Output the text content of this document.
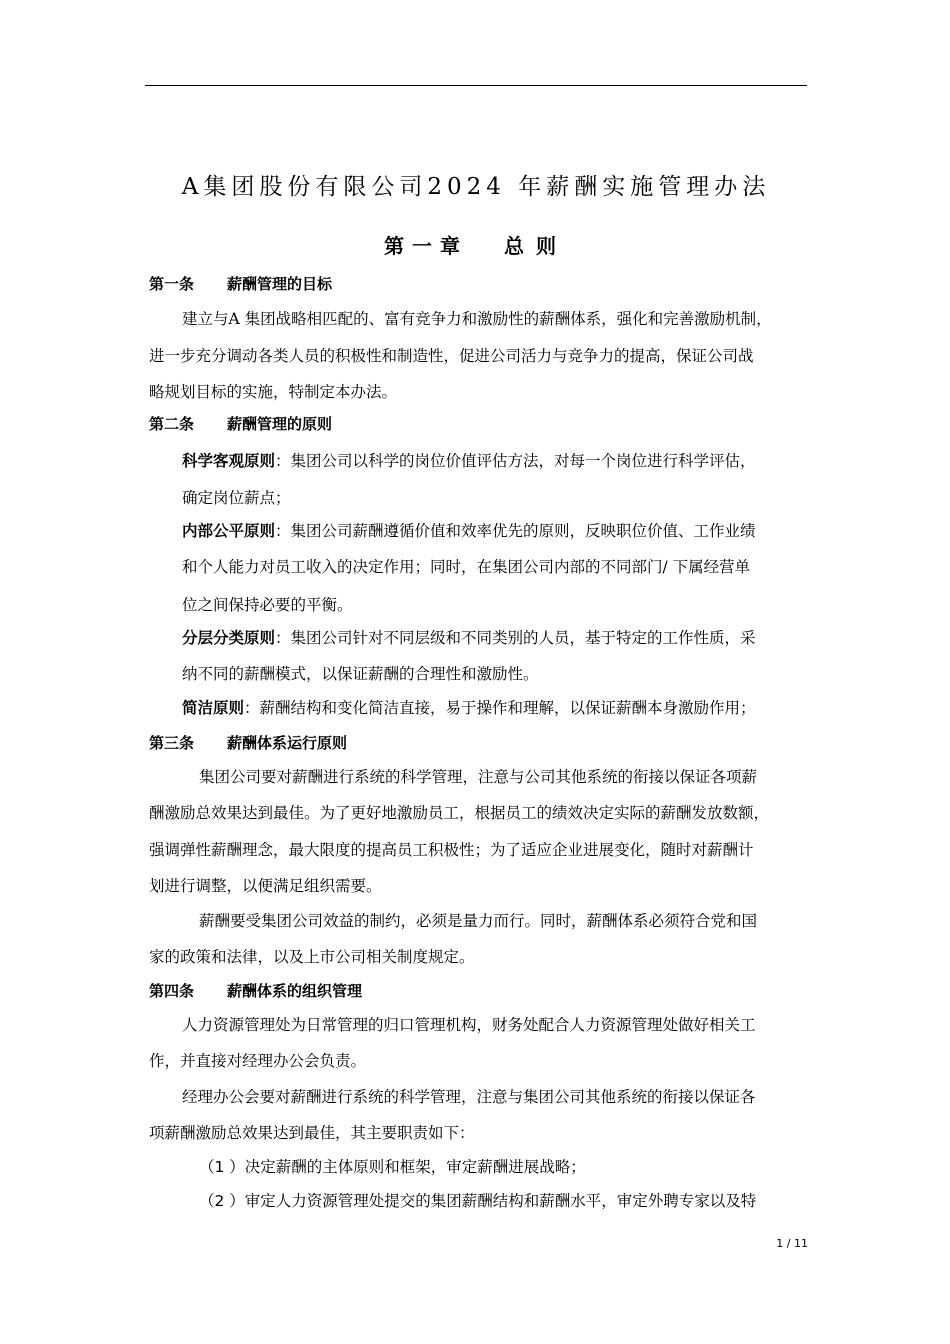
A集团股份有限公司2024 年薪酬实施管理办法
第一章 总则
第一条 薪酬管理的目标
建立与A 集团战略相匹配的、富有竞争力和激励性的薪酬体系，强化和完善激励机制，
进一步充分调动各类人员的积极性和制造性，促进公司活力与竞争力的提高，保证公司战
略规划目标的实施，特制定本办法。
第二条 薪酬管理的原则
科学客观原则：集团公司以科学的岗位价值评估方法，对每一个岗位进行科学评估，
确定岗位薪点；
内部公平原则：集团公司薪酬遵循价值和效率优先的原则，反映职位价值、工作业绩
和个人能力对员工收入的决定作用；同时，在集团公司内部的不同部门/ 下属经营单
位之间保持必要的平衡。
分层分类原则：集团公司针对不同层级和不同类别的人员，基于特定的工作性质，采
纳不同的薪酬模式，以保证薪酬的合理性和激励性。
简洁原则：薪酬结构和变化简洁直接，易于操作和理解，以保证薪酬本身激励作用；
第三条 薪酬体系运行原则
集团公司要对薪酬进行系统的科学管理，注意与公司其他系统的衔接以保证各项薪
酬激励总效果达到最佳。为了更好地激励员工，根据员工的绩效决定实际的薪酬发放数额，
强调弹性薪酬理念，最大限度的提高员工积极性；为了适应企业进展变化，随时对薪酬计
划进行调整，以便满足组织需要。
薪酬要受集团公司效益的制约，必须是量力而行。同时，薪酬体系必须符合党和国
家的政策和法律，以及上市公司相关制度规定。
第四条 薪酬体系的组织管理
人力资源管理处为日常管理的归口管理机构，财务处配合人力资源管理处做好相关工
作，并直接对经理办公会负责。
经理办公会要对薪酬进行系统的科学管理，注意与集团公司其他系统的衔接以保证各
项薪酬激励总效果达到最佳，其主要职责如下：
（1 ）决定薪酬的主体原则和框架，审定薪酬进展战略；
（2 ）审定人力资源管理处提交的集团薪酬结构和薪酬水平，审定外聘专家以及特
1 / 11
